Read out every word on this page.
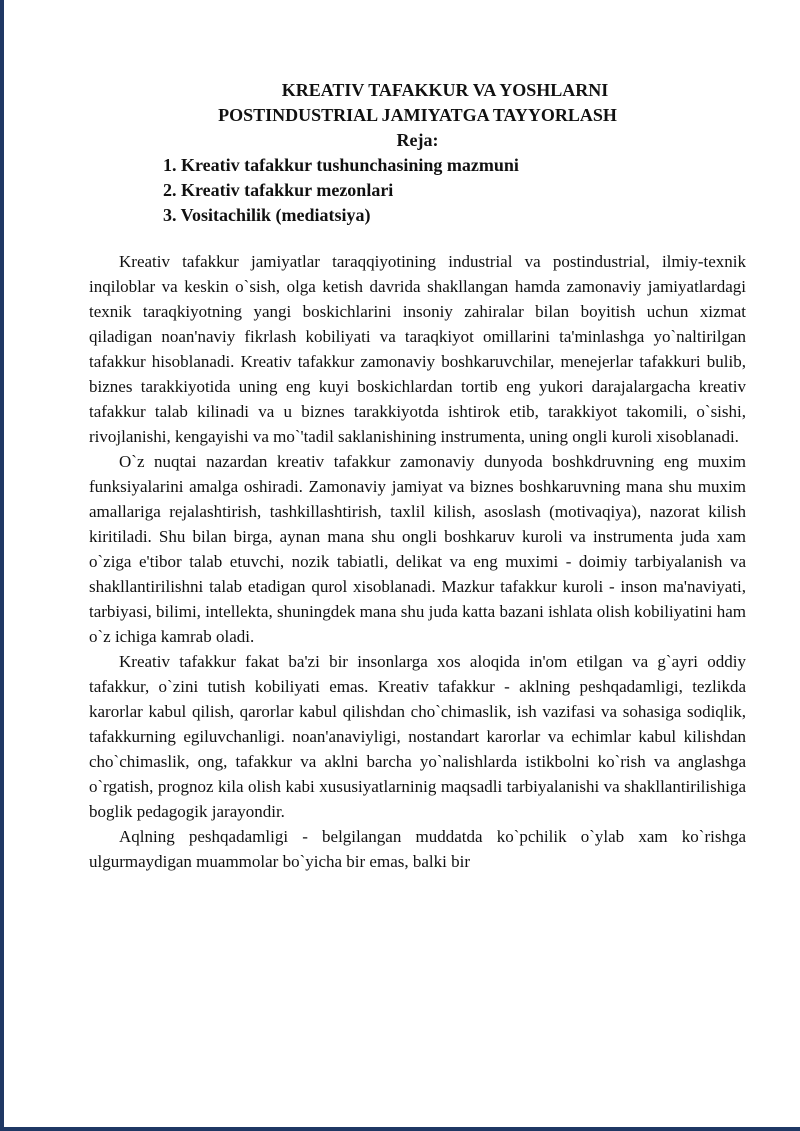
KREATIV TAFAKKUR VA YOSHLARNI
POSTINDUSTRIAL JAMIYATGA TAYYORLASH
Reja:
1. Kreativ tafakkur tushunchasining mazmuni
2. Kreativ tafakkur mezonlari
3. Vositachilik (mediatsiya)

Kreativ tafakkur jamiyatlar taraqqiyotining industrial va postindustrial, ilmiy-texnik inqiloblar va keskin o`sish, olga ketish davrida shakllangan hamda zamonaviy jamiyatlardagi texnik taraqkiyotning yangi boskichlarini insoniy zahiralar bilan boyitish uchun xizmat qiladigan noan'naviy fikrlash kobiliyati va taraqkiyot omillarini ta'minlashga yo`naltirilgan tafakkur hisoblanadi. Kreativ tafakkur zamonaviy boshkaruvchilar, menejerlar tafakkuri bulib, biznes tarakkiyotida uning eng kuyi boskichlardan tortib eng yukori darajalargacha kreativ tafakkur talab kilinadi va u biznes tarakkiyotda ishtirok etib, tarakkiyot takomili, o`sishi, rivojlanishi, kengayishi va mo`'tadil saklanishining instrumenta, uning ongli kuroli xisoblanadi.

O`z nuqtai nazardan kreativ tafakkur zamonaviy dunyoda boshkdruvning eng muxim funksiyalarini amalga oshiradi. Zamonaviy jamiyat va biznes boshkaruvning mana shu muxim amallariga rejalashtirish, tashkillashtirish, taxlil kilish, asoslash (motivaqiya), nazorat kilish kiritiladi. Shu bilan birga, aynan mana shu ongli boshkaruv kuroli va instrumenta juda xam o`ziga e'tibor talab etuvchi, nozik tabiatli, delikat va eng muximi - doimiy tarbiyalanish va shakllantirilishni talab etadigan qurol xisoblanadi. Mazkur tafakkur kuroli - inson ma'naviyati, tarbiyasi, bilimi, intellekta, shuningdek mana shu juda katta bazani ishlata olish kobiliyatini ham o`z ichiga kamrab oladi.

Kreativ tafakkur fakat ba'zi bir insonlarga xos aloqida in'om etilgan va g`ayri oddiy tafakkur, o`zini tutish kobiliyati emas. Kreativ tafakkur - aklning peshqadamligi, tezlikda karorlar kabul qilish, qarorlar kabul qilishdan cho`chimaslik, ish vazifasi va sohasiga sodiqlik, tafakkurning egiluvchanligi. noan'anaviyligi, nostandart karorlar va echimlar kabul kilishdan cho`chimaslik, ong, tafakkur va aklni barcha yo`nalishlarda istikbolni ko`rish va anglashga o`rgatish, prognoz kila olish kabi xususiyatlarninig maqsadli tarbiyalanishi va shakllantirilishiga boglik pedagogik jarayondir.

Aqlning peshqadamligi - belgilangan muddatda ko`pchilik o`ylab xam ko`rishga ulgurmaydigan muammolar bo`yicha bir emas, balki bir
